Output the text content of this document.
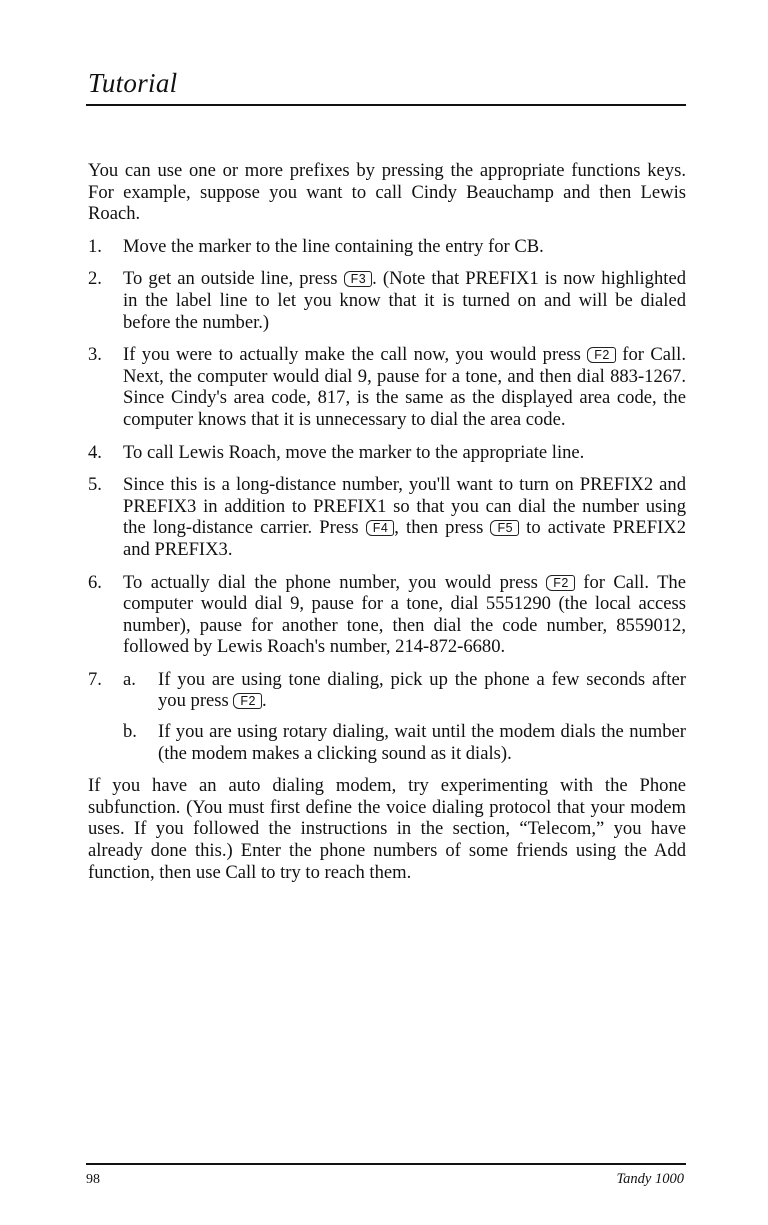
Tutorial

You can use one or more prefixes by pressing the appropriate functions keys. For example, suppose you want to call Cindy Beauchamp and then Lewis Roach.

1. Move the marker to the line containing the entry for CB.
2. To get an outside line, press F3 . (Note that PREFIX1 is now highlighted in the label line to let you know that it is turned on and will be dialed before the number.)
3. If you were to actually make the call now, you would press F2 for Call. Next, the computer would dial 9, pause for a tone, and then dial 883-1267. Since Cindy's area code, 817, is the same as the displayed area code, the computer knows that it is unnecessary to dial the area code.
4. To call Lewis Roach, move the marker to the appropriate line.
5. Since this is a long-distance number, you'll want to turn on PREFIX2 and PREFIX3 in addition to PREFIX1 so that you can dial the number using the long-distance carrier. Press F4 , then press F5 to activate PREFIX2 and PREFIX3.
6. To actually dial the phone number, you would press F2 for Call. The computer would dial 9, pause for a tone, dial 5551290 (the local access number), pause for another tone, then dial the code number, 8559012, followed by Lewis Roach's number, 214-872-6680.
7. a. If you are using tone dialing, pick up the phone a few seconds after you press F2 .
b. If you are using rotary dialing, wait until the modem dials the number (the modem makes a clicking sound as it dials).

If you have an auto dialing modem, try experimenting with the Phone subfunction. (You must first define the voice dialing protocol that your modem uses. If you followed the instructions in the section, “Telecom,” you have already done this.) Enter the phone numbers of some friends using the Add function, then use Call to try to reach them.

98	Tandy 1000
